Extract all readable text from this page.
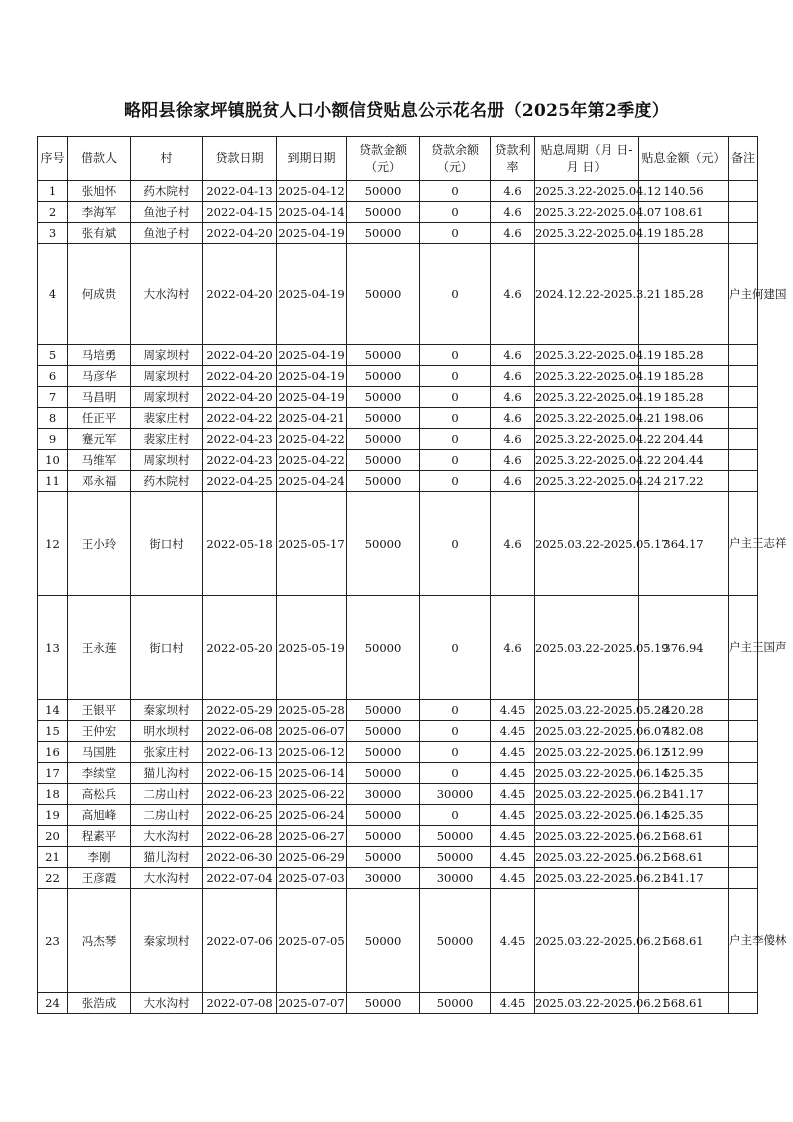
略阳县徐家坪镇脱贫人口小额信贷贴息公示花名册（2025年第2季度）
序号	借款人	村	贷款日期	到期日期	贷款金额（元）	贷款余额（元）	贷款利率	贴息周期（月 日-月 日）	贴息金额（元）	备注
1	张旭怀	药木院村	2022-04-13	2025-04-12	50000	0	4.6	2025.3.22-2025.04.12	140.56	
2	李海军	鱼池子村	2022-04-15	2025-04-14	50000	0	4.6	2025.3.22-2025.04.07	108.61	
3	张有斌	鱼池子村	2022-04-20	2025-04-19	50000	0	4.6	2025.3.22-2025.04.19	185.28	
4	何成贵	大水沟村	2022-04-20	2025-04-19	50000	0	4.6	2024.12.22-2025.3.21	185.28	户主何建国
5	马培勇	周家坝村	2022-04-20	2025-04-19	50000	0	4.6	2025.3.22-2025.04.19	185.28	
6	马彦华	周家坝村	2022-04-20	2025-04-19	50000	0	4.6	2025.3.22-2025.04.19	185.28	
7	马昌明	周家坝村	2022-04-20	2025-04-19	50000	0	4.6	2025.3.22-2025.04.19	185.28	
8	任正平	裴家庄村	2022-04-22	2025-04-21	50000	0	4.6	2025.3.22-2025.04.21	198.06	
9	蹇元军	裴家庄村	2022-04-23	2025-04-22	50000	0	4.6	2025.3.22-2025.04.22	204.44	
10	马维军	周家坝村	2022-04-23	2025-04-22	50000	0	4.6	2025.3.22-2025.04.22	204.44	
11	邓永福	药木院村	2022-04-25	2025-04-24	50000	0	4.6	2025.3.22-2025.04.24	217.22	
12	王小玲	街口村	2022-05-18	2025-05-17	50000	0	4.6	2025.03.22-2025.05.17	364.17	户主王志祥
13	王永莲	街口村	2022-05-20	2025-05-19	50000	0	4.6	2025.03.22-2025.05.19	376.94	户主王国声
14	王银平	秦家坝村	2022-05-29	2025-05-28	50000	0	4.45	2025.03.22-2025.05.28	420.28	
15	王仲宏	明水坝村	2022-06-08	2025-06-07	50000	0	4.45	2025.03.22-2025.06.07	482.08	
16	马国胜	张家庄村	2022-06-13	2025-06-12	50000	0	4.45	2025.03.22-2025.06.12	512.99	
17	李续堂	猫儿沟村	2022-06-15	2025-06-14	50000	0	4.45	2025.03.22-2025.06.14	525.35	
18	高松兵	二房山村	2022-06-23	2025-06-22	30000	30000	4.45	2025.03.22-2025.06.21	341.17	
19	高旭峰	二房山村	2022-06-25	2025-06-24	50000	0	4.45	2025.03.22-2025.06.14	525.35	
20	程素平	大水沟村	2022-06-28	2025-06-27	50000	50000	4.45	2025.03.22-2025.06.21	568.61	
21	李刚	猫儿沟村	2022-06-30	2025-06-29	50000	50000	4.45	2025.03.22-2025.06.21	568.61	
22	王彦霞	大水沟村	2022-07-04	2025-07-03	30000	30000	4.45	2025.03.22-2025.06.21	341.17	
23	冯杰琴	秦家坝村	2022-07-06	2025-07-05	50000	50000	4.45	2025.03.22-2025.06.21	568.61	户主李傻林
24	张浩成	大水沟村	2022-07-08	2025-07-07	50000	50000	4.45	2025.03.22-2025.06.21	568.61	
